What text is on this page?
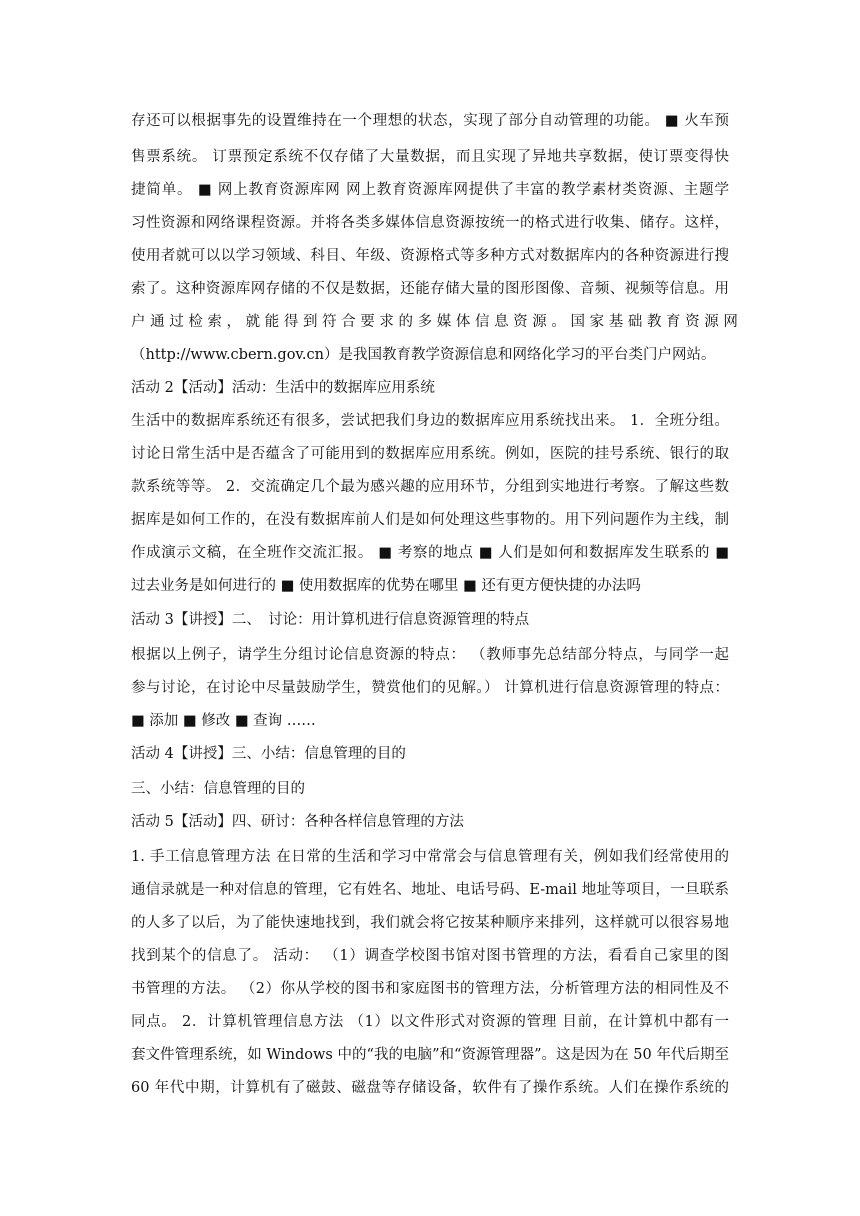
存还可以根据事先的设置维持在一个理想的状态，实现了部分自动管理的功能。 ■ 火车预
售票系统。 订票预定系统不仅存储了大量数据，而且实现了异地共享数据，使订票变得快
捷简单。 ■ 网上教育资源库网 网上教育资源库网提供了丰富的教学素材类资源、主题学
习性资源和网络课程资源。并将各类多媒体信息资源按统一的格式进行收集、储存。这样，
使用者就可以以学习领域、科目、年级、资源格式等多种方式对数据库内的各种资源进行搜
索了。这种资源库网存储的不仅是数据，还能存储大量的图形图像、音频、视频等信息。用
户 通 过 检 索 ， 就 能 得 到 符 合 要 求 的 多 媒 体 信 息 资 源 。 国 家 基 础 教 育 资 源 网
（http://www.cbern.gov.cn）是我国教育教学资源信息和网络化学习的平台类门户网站。
活动 2【活动】活动：生活中的数据库应用系统
生活中的数据库系统还有很多，尝试把我们身边的数据库应用系统找出来。 1．全班分组。
讨论日常生活中是否蕴含了可能用到的数据库应用系统。例如，医院的挂号系统、银行的取
款系统等等。 2．交流确定几个最为感兴趣的应用环节，分组到实地进行考察。了解这些数
据库是如何工作的，在没有数据库前人们是如何处理这些事物的。用下列问题作为主线，制
作成演示文稿，在全班作交流汇报。 ■ 考察的地点 ■ 人们是如何和数据库发生联系的 ■
过去业务是如何进行的 ■ 使用数据库的优势在哪里 ■ 还有更方便快捷的办法吗
活动 3【讲授】二、　讨论：用计算机进行信息资源管理的特点
根据以上例子，请学生分组讨论信息资源的特点： （教师事先总结部分特点，与同学一起
参与讨论，在讨论中尽量鼓励学生，赞赏他们的见解。） 计算机进行信息资源管理的特点：
■ 添加 ■ 修改 ■ 查询 ……
活动 4【讲授】三、小结：信息管理的目的
三、小结：信息管理的目的
活动 5【活动】四、研讨：各种各样信息管理的方法
1. 手工信息管理方法 在日常的生活和学习中常常会与信息管理有关，例如我们经常使用的
通信录就是一种对信息的管理，它有姓名、地址、电话号码、E-mail 地址等项目，一旦联系
的人多了以后，为了能快速地找到，我们就会将它按某种顺序来排列，这样就可以很容易地
找到某个的信息了。 活动： （1）调查学校图书馆对图书管理的方法，看看自己家里的图
书管理的方法。 （2）你从学校的图书和家庭图书的管理方法，分析管理方法的相同性及不
同点。 2．计算机管理信息方法 （1）以文件形式对资源的管理 目前，在计算机中都有一
套文件管理系统，如 Windows 中的“我的电脑”和“资源管理器”。这是因为在 50 年代后期至
60 年代中期，计算机有了磁鼓、磁盘等存储设备，软件有了操作系统。人们在操作系统的
